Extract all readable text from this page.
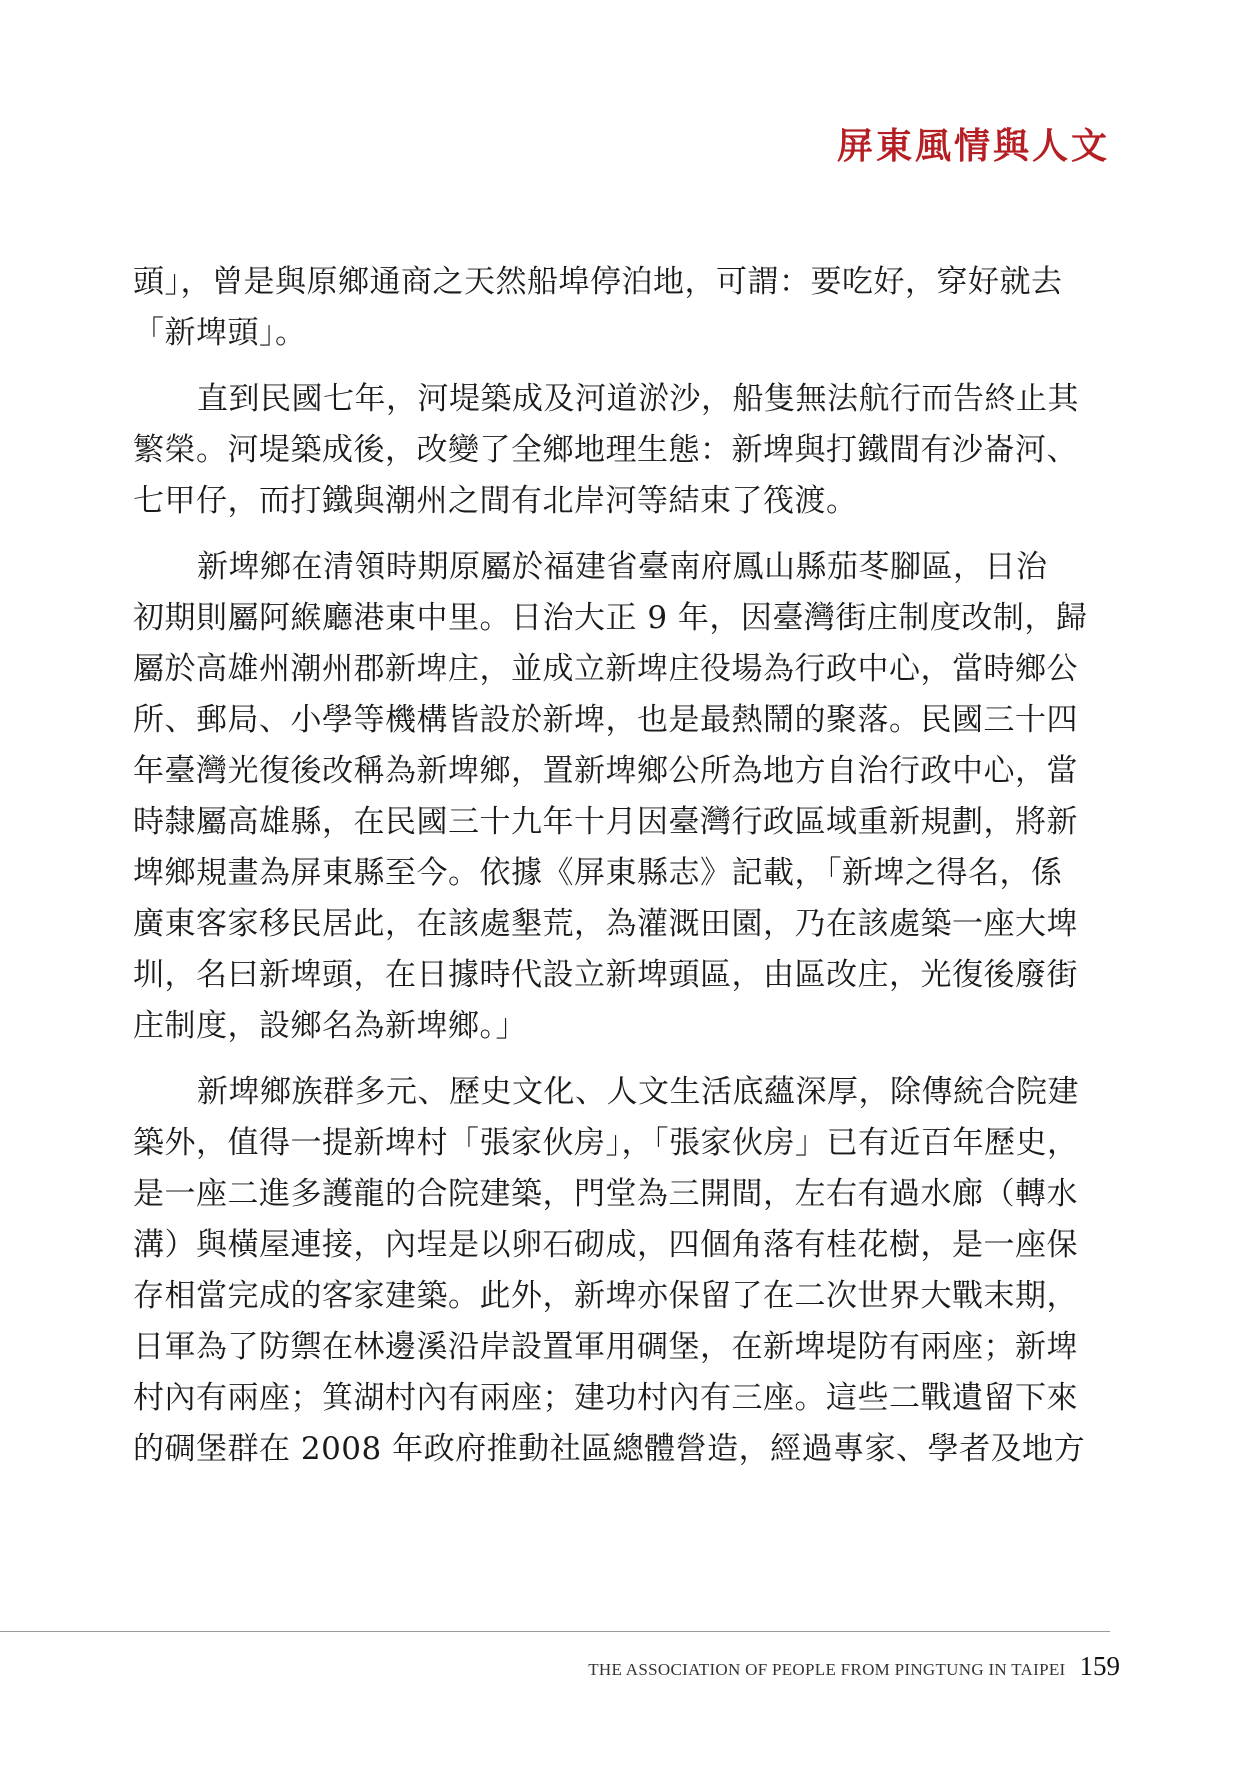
屏東風情與人文
頭」，曾是與原鄉通商之天然船埠停泊地，可謂：要吃好，穿好就去
「新埤頭」。
直到民國七年，河堤築成及河道淤沙，船隻無法航行而告終止其
繁榮。河堤築成後，改變了全鄉地理生態：新埤與打鐵間有沙崙河、
七甲仔，而打鐵與潮州之間有北岸河等結束了筏渡。
新埤鄉在清領時期原屬於福建省臺南府鳳山縣茄苳腳區，日治
初期則屬阿緱廳港東中里。日治大正 9 年，因臺灣街庄制度改制，歸
屬於高雄州潮州郡新埤庄，並成立新埤庄役場為行政中心，當時鄉公
所、郵局、小學等機構皆設於新埤，也是最熱鬧的聚落。民國三十四
年臺灣光復後改稱為新埤鄉，置新埤鄉公所為地方自治行政中心，當
時隸屬高雄縣，在民國三十九年十月因臺灣行政區域重新規劃，將新
埤鄉規畫為屏東縣至今。依據《屏東縣志》記載，「新埤之得名，係
廣東客家移民居此，在該處墾荒，為灌溉田園，乃在該處築一座大埤
圳，名曰新埤頭，在日據時代設立新埤頭區，由區改庄，光復後廢街
庄制度，設鄉名為新埤鄉。」
新埤鄉族群多元、歷史文化、人文生活底蘊深厚，除傳統合院建
築外，值得一提新埤村「張家伙房」，「張家伙房」已有近百年歷史，
是一座二進多護龍的合院建築，門堂為三開間，左右有過水廊（轉水
溝）與橫屋連接，內埕是以卵石砌成，四個角落有桂花樹，是一座保
存相當完成的客家建築。此外，新埤亦保留了在二次世界大戰末期，
日軍為了防禦在林邊溪沿岸設置軍用碉堡，在新埤堤防有兩座；新埤
村內有兩座；箕湖村內有兩座；建功村內有三座。這些二戰遺留下來
的碉堡群在 2008 年政府推動社區總體營造，經過專家、學者及地方
THE ASSOCIATION OF PEOPLE FROM PINGTUNG IN TAIPEI 159
